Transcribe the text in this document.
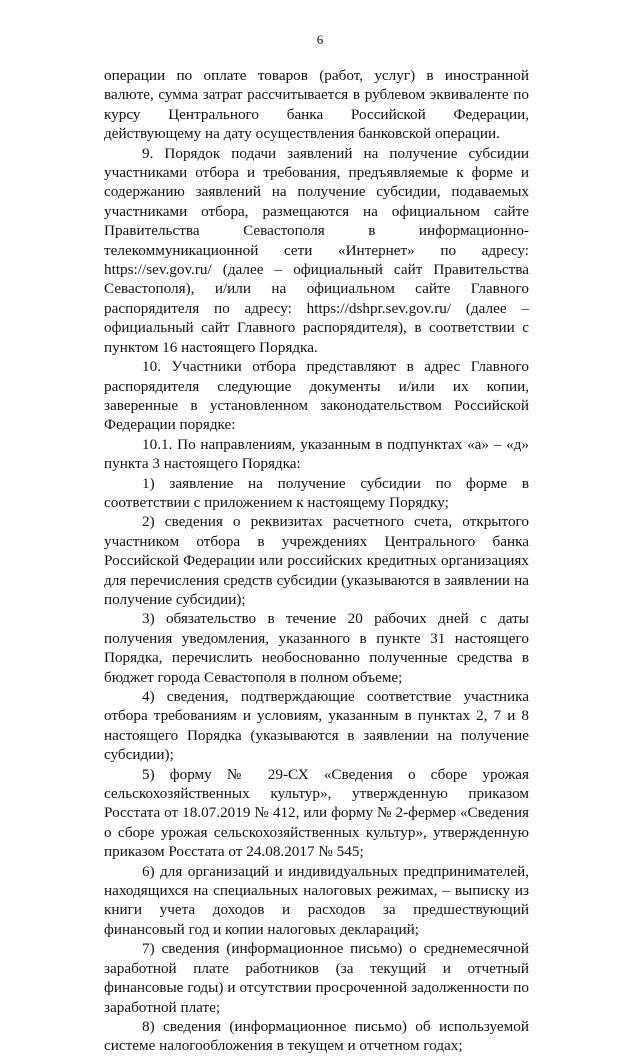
6

операции по оплате товаров (работ, услуг) в иностранной валюте, сумма затрат рассчитывается в рублевом эквиваленте по курсу Центрального банка Российской Федерации, действующему на дату осуществления банковской операции.

9. Порядок подачи заявлений на получение субсидии участниками отбора и требования, предъявляемые к форме и содержанию заявлений на получение субсидии, подаваемых участниками отбора, размещаются на официальном сайте Правительства Севастополя в информационно-телекоммуникационной сети «Интернет» по адресу: https://sev.gov.ru/ (далее – официальный сайт Правительства Севастополя), и/или на официальном сайте Главного распорядителя по адресу: https://dshpr.sev.gov.ru/ (далее – официальный сайт Главного распорядителя), в соответствии с пунктом 16 настоящего Порядка.

10. Участники отбора представляют в адрес Главного распорядителя следующие документы и/или их копии, заверенные в установленном законодательством Российской Федерации порядке:

10.1. По направлениям, указанным в подпунктах «а» – «д» пункта 3 настоящего Порядка:

1) заявление на получение субсидии по форме в соответствии с приложением к настоящему Порядку;

2) сведения о реквизитах расчетного счета, открытого участником отбора в учреждениях Центрального банка Российской Федерации или российских кредитных организациях для перечисления средств субсидии (указываются в заявлении на получение субсидии);

3) обязательство в течение 20 рабочих дней с даты получения уведомления, указанного в пункте 31 настоящего Порядка, перечислить необоснованно полученные средства в бюджет города Севастополя в полном объеме;

4) сведения, подтверждающие соответствие участника отбора требованиям и условиям, указанным в пунктах 2, 7 и 8 настоящего Порядка (указываются в заявлении на получение субсидии);

5) форму № 29-СХ «Сведения о сборе урожая сельскохозяйственных культур», утвержденную приказом Росстата от 18.07.2019 № 412, или форму № 2-фермер «Сведения о сборе урожая сельскохозяйственных культур», утвержденную приказом Росстата от 24.08.2017 № 545;

6) для организаций и индивидуальных предпринимателей, находящихся на специальных налоговых режимах, – выписку из книги учета доходов и расходов за предшествующий финансовый год и копии налоговых деклараций;

7) сведения (информационное письмо) о среднемесячной заработной плате работников (за текущий и отчетный финансовые годы) и отсутствии просроченной задолженности по заработной плате;

8) сведения (информационное письмо) об используемой системе налогообложения в текущем и отчетном годах;
